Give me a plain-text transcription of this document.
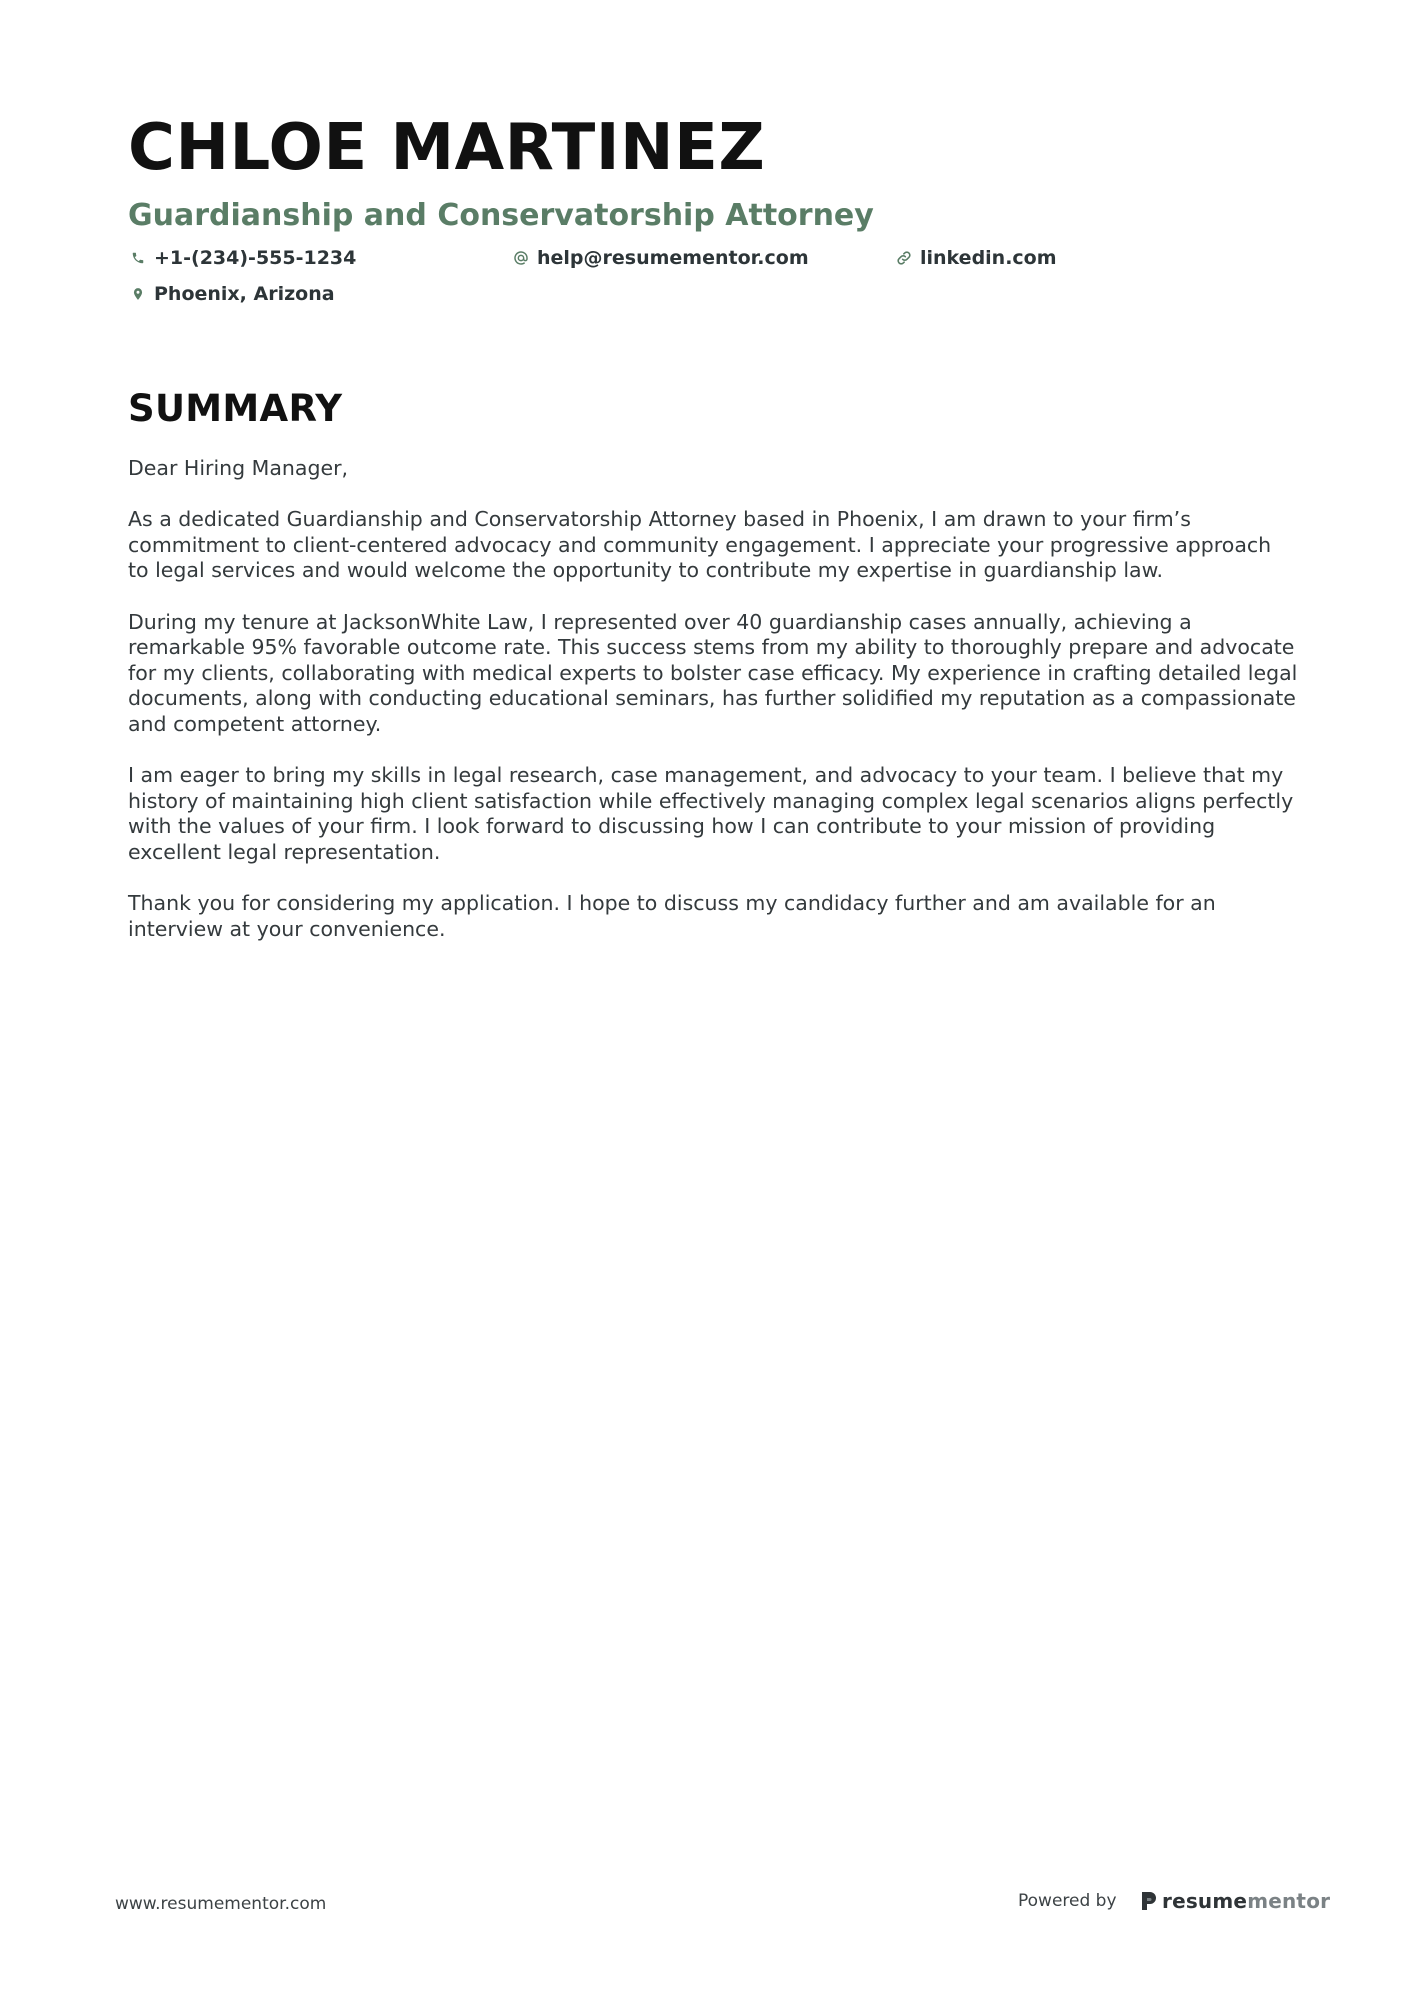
CHLOE MARTINEZ
Guardianship and Conservatorship Attorney
+1-(234)-555-1234	help@resumementor.com	linkedin.com
Phoenix, Arizona
SUMMARY

Dear Hiring Manager,

As a dedicated Guardianship and Conservatorship Attorney based in Phoenix, I am drawn to your firm’s commitment to client-centered advocacy and community engagement. I appreciate your progressive approach to legal services and would welcome the opportunity to contribute my expertise in guardianship law.

During my tenure at JacksonWhite Law, I represented over 40 guardianship cases annually, achieving a remarkable 95% favorable outcome rate. This success stems from my ability to thoroughly prepare and advocate for my clients, collaborating with medical experts to bolster case efficacy. My experience in crafting detailed legal documents, along with conducting educational seminars, has further solidified my reputation as a compassionate and competent attorney.

I am eager to bring my skills in legal research, case management, and advocacy to your team. I believe that my history of maintaining high client satisfaction while effectively managing complex legal scenarios aligns perfectly with the values of your firm. I look forward to discussing how I can contribute to your mission of providing excellent legal representation.

Thank you for considering my application. I hope to discuss my candidacy further and am available for an interview at your convenience.

www.resumementor.com	Powered by resume mentor
